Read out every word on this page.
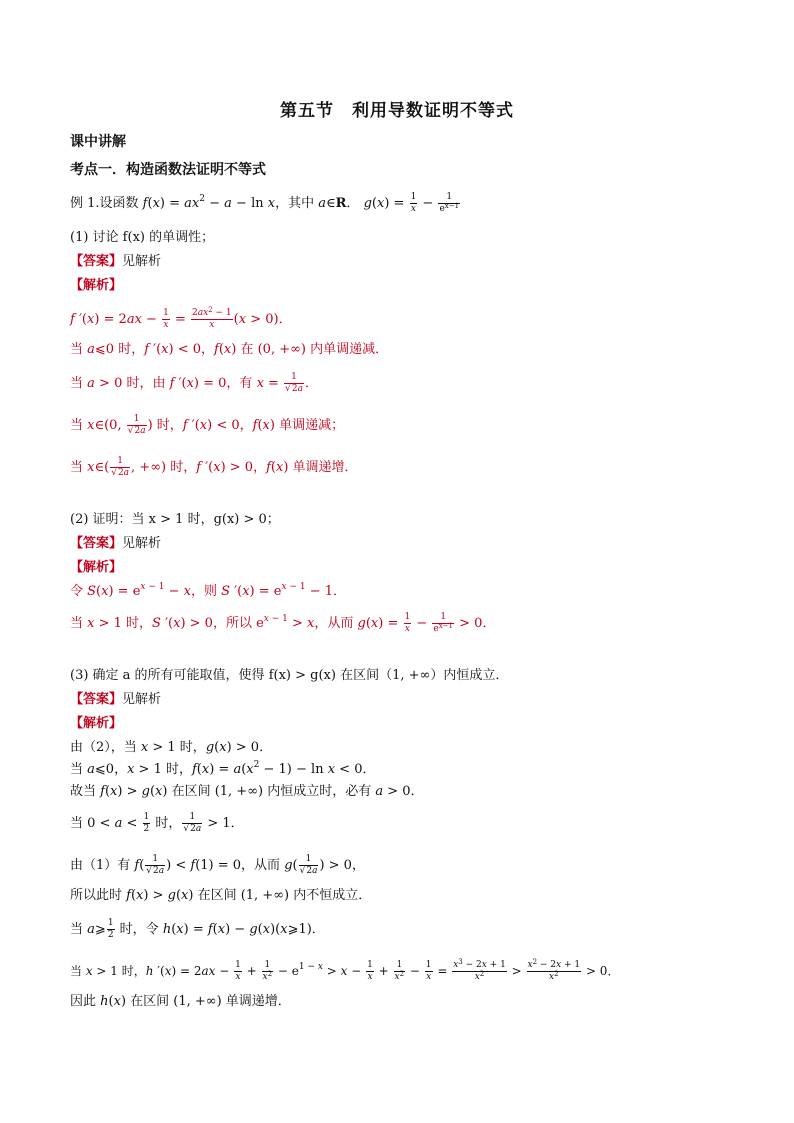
第五节　利用导数证明不等式
课中讲解
考点一．构造函数法证明不等式
例 1.设函数 $f(x) = ax^2 - a - \ln x$，其中 a∈R． $g(x) = \frac{1}{x} - \frac{1}{e^{x-1}}$
(1) 讨论 f(x) 的单调性；
【答案】见解析
【解析】
f $'(x) = 2ax - \frac{1}{x} = \frac{2ax^2 - 1}{x} (x > 0)$．
当 a⩽0 时，f ′(x) < 0，f(x) 在 (0, +∞) 内单调递减．
当 a > 0 时，由 f ′(x) = 0，有 $x = \frac{1}{√2a}$ ．
当 x∈(0, $\frac{1}{√2a}$ ) 时，f ′(x) < 0，f(x) 单调递减；
当 x∈( $\frac{1}{√2a}$ , +∞) 时，f ′(x) > 0，f(x) 单调递增．
(2) 证明：当 x > 1 时，g(x) > 0；
【答案】见解析
【解析】
令 $S(x) = e^{x - 1} - x$，则 S $'(x) = e^{x - 1} - 1$．
当 x > 1 时，S ′(x) > 0，所以 $e^{x - 1} > x$，从而 $g(x) = \frac{1}{x} - \frac{1}{e^{x-1}} > 0$．
(3) 确定 a 的所有可能取值，使得 f(x) > g(x) 在区间（1, +∞）内恒成立．
【答案】见解析
【解析】
由（2），当 x > 1 时，g(x) > 0．
当 a⩽0，x > 1 时，$f(x) = a(x^2 - 1) - \ln x < 0$．
故当 f(x) > g(x) 在区间 (1, +∞) 内恒成立时，必有 a > 0．
当 $0 < a < \frac{1}{2}$ 时， $\frac{1}{√2a} > 1$．
由（1）有 $f( \frac{1}{√2a}$ ) < f(1) = 0，从而 $g( \frac{1}{√2a}$ ) > 0，
所以此时 f(x) > g(x) 在区间 (1, +∞) 内不恒成立．
当 a⩾ $\frac{1}{2}$ 时，令 h(x) = f(x) − g(x)(x⩾1)．
当 x > 1 时，h $'(x) = 2ax - \frac{1}{x} + \frac{1}{x^2} - e^{1 - x} > x - \frac{1}{x} + \frac{1}{x^2} - \frac{1}{x} = \frac{x^3 - 2x + 1}{x^2} > \frac{x^2 - 2x + 1}{x^2} > 0$．
因此 h(x) 在区间 (1, +∞) 单调递增．
